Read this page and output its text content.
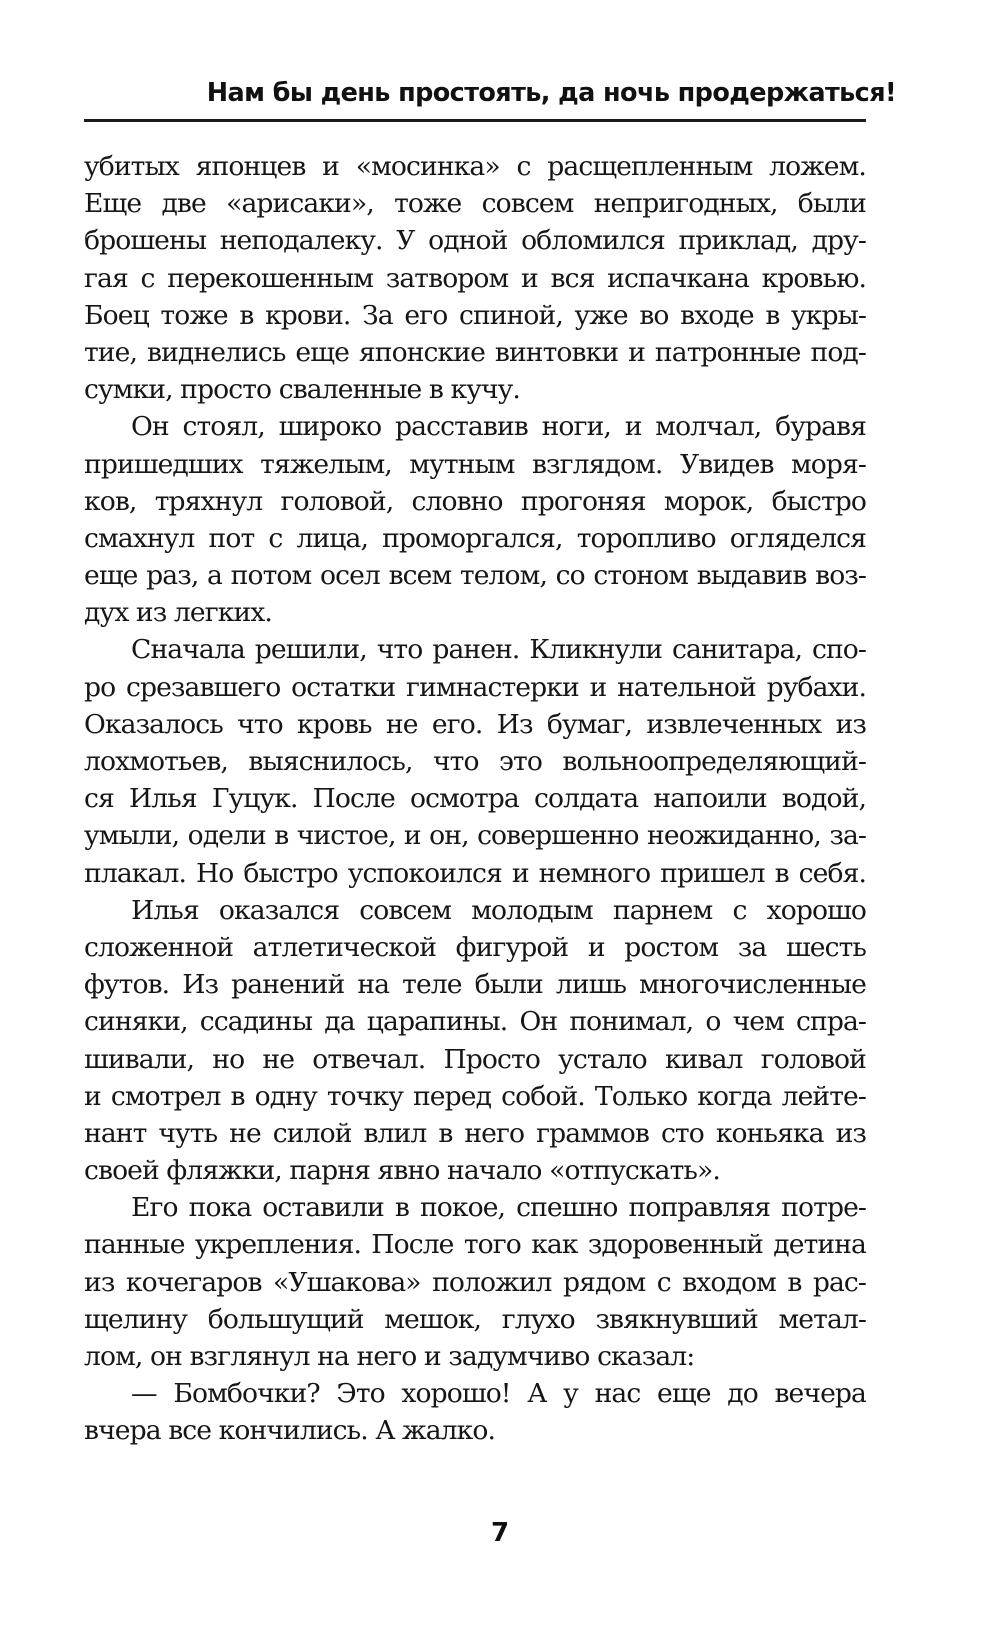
Нам бы день простоять, да ночь продержаться!
убитых японцев и «мосинка» с расщепленным ложем.
Еще две «арисаки», тоже совсем непригодных, были
брошены неподалеку. У одной обломился приклад, дру-
гая с перекошенным затвором и вся испачкана кровью.
Боец тоже в крови. За его спиной, уже во входе в укры-
тие, виднелись еще японские винтовки и патронные под-
сумки, просто сваленные в кучу.
Он стоял, широко расставив ноги, и молчал, буравя
пришедших тяжелым, мутным взглядом. Увидев моря-
ков, тряхнул головой, словно прогоняя морок, быстро
смахнул пот с лица, проморгался, торопливо огляделся
еще раз, а потом осел всем телом, со стоном выдавив воз-
дух из легких.
Сначала решили, что ранен. Кликнули санитара, спо-
ро срезавшего остатки гимнастерки и нательной рубахи.
Оказалось что кровь не его. Из бумаг, извлеченных из
лохмотьев, выяснилось, что это вольноопределяющий-
ся Илья Гуцук. После осмотра солдата напоили водой,
умыли, одели в чистое, и он, совершенно неожиданно, за-
плакал. Но быстро успокоился и немного пришел в себя.
Илья оказался совсем молодым парнем с хорошо
сложенной атлетической фигурой и ростом за шесть
футов. Из ранений на теле были лишь многочисленные
синяки, ссадины да царапины. Он понимал, о чем спра-
шивали, но не отвечал. Просто устало кивал головой
и смотрел в одну точку перед собой. Только когда лейте-
нант чуть не силой влил в него граммов сто коньяка из
своей фляжки, парня явно начало «отпускать».
Его пока оставили в покое, спешно поправляя потре-
панные укрепления. После того как здоровенный детина
из кочегаров «Ушакова» положил рядом с входом в рас-
щелину большущий мешок, глухо звякнувший метал-
лом, он взглянул на него и задумчиво сказал:
— Бомбочки? Это хорошо! А у нас еще до вечера
вчера все кончились. А жалко.
7
